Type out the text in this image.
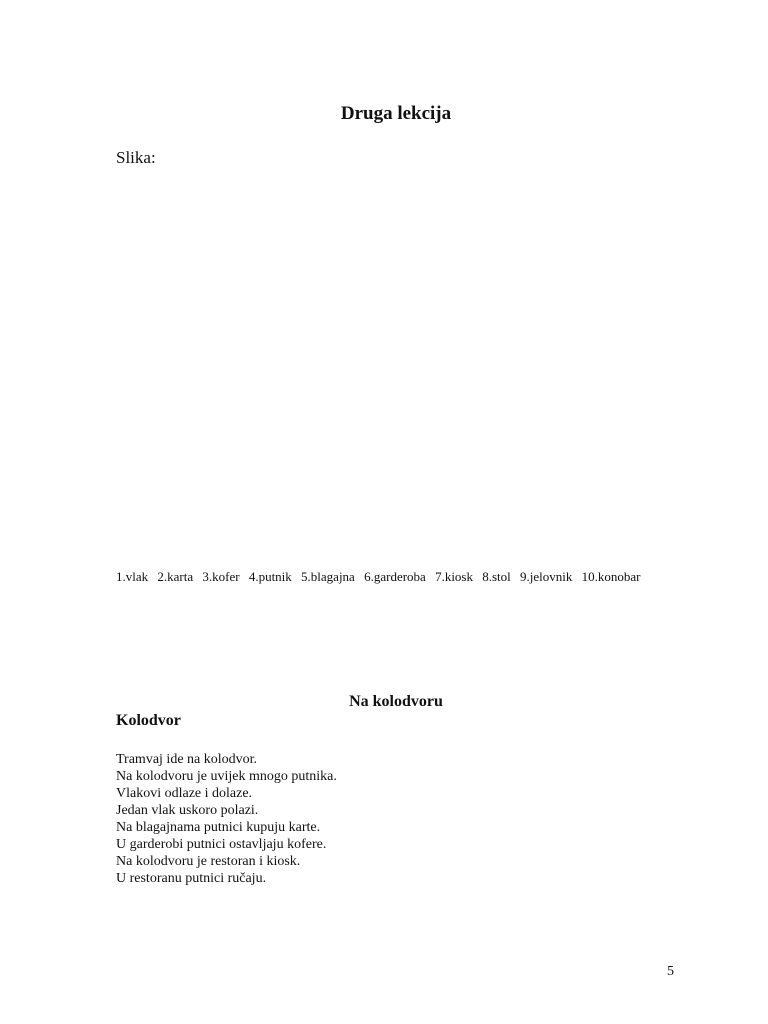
Druga lekcija
Slika:
1.vlak 2.karta 3.kofer 4.putnik 5.blagajna 6.garderoba 7.kiosk 8.stol 9.jelovnik 10.konobar
Na kolodvoru
Kolodvor
Tramvaj ide na kolodvor.
Na kolodvoru je uvijek mnogo putnika.
Vlakovi odlaze i dolaze.
Jedan vlak uskoro polazi.
Na blagajnama putnici kupuju karte.
U garderobi putnici ostavljaju kofere.
Na kolodvoru je restoran i kiosk.
U restoranu putnici ručaju.
5
